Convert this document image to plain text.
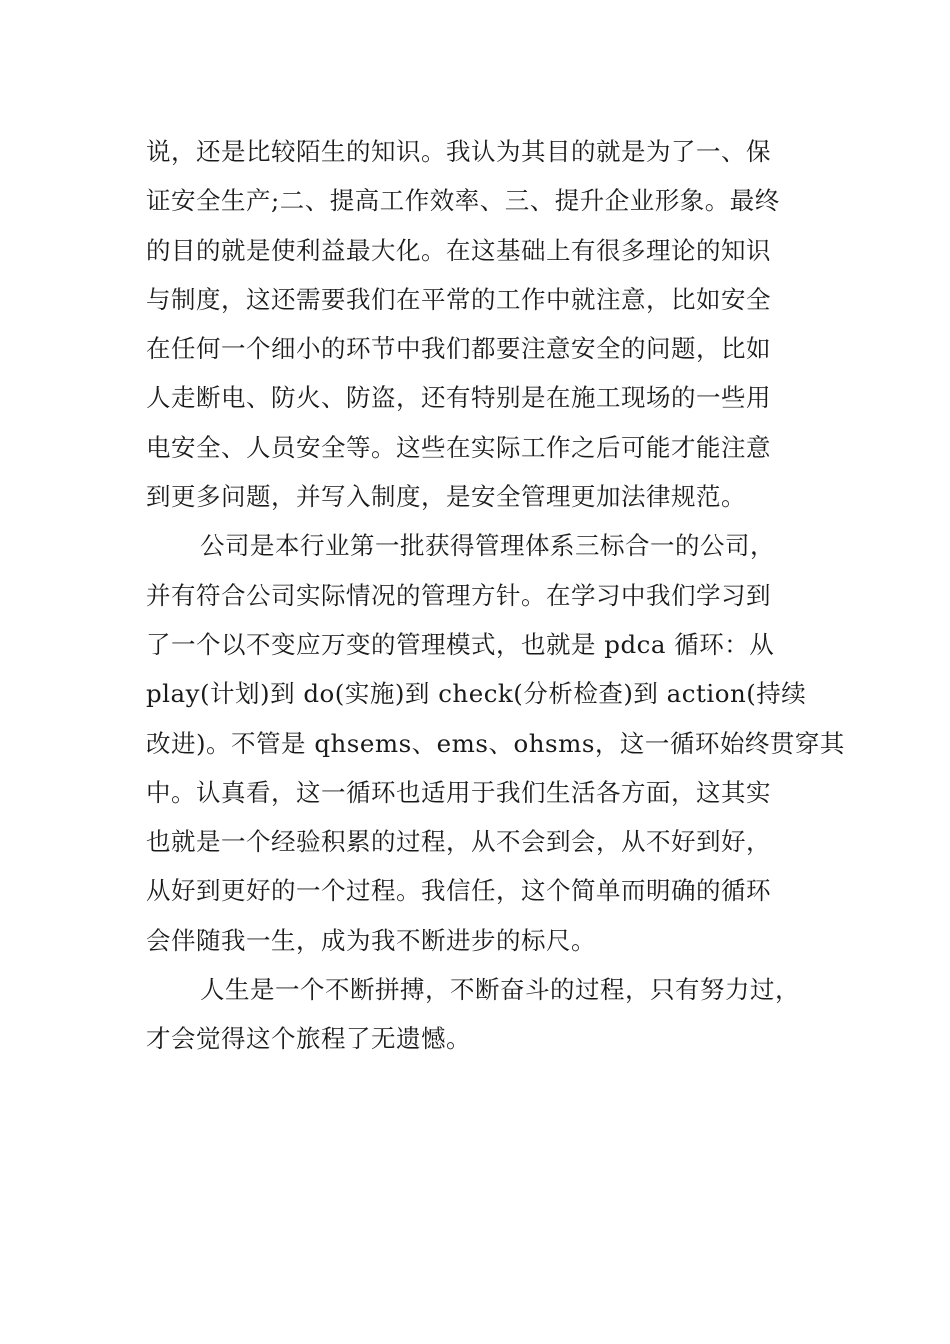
说，还是比较陌生的知识。我认为其目的就是为了一、保
证安全生产;二、提高工作效率、三、提升企业形象。最终
的目的就是使利益最大化。在这基础上有很多理论的知识
与制度，这还需要我们在平常的工作中就注意，比如安全
在任何一个细小的环节中我们都要注意安全的问题，比如
人走断电、防火、防盗，还有特别是在施工现场的一些用
电安全、人员安全等。这些在实际工作之后可能才能注意
到更多问题，并写入制度，是安全管理更加法律规范。
公司是本行业第一批获得管理体系三标合一的公司，
并有符合公司实际情况的管理方针。在学习中我们学习到
了一个以不变应万变的管理模式，也就是 pdca 循环：从
play(计划)到 do(实施)到 check(分析检查)到 action(持续
改进)。不管是 qhsems、ems、ohsms，这一循环始终贯穿其
中。认真看，这一循环也适用于我们生活各方面，这其实
也就是一个经验积累的过程，从不会到会，从不好到好，
从好到更好的一个过程。我信任，这个简单而明确的循环
会伴随我一生，成为我不断进步的标尺。
人生是一个不断拼搏，不断奋斗的过程，只有努力过，
才会觉得这个旅程了无遗憾。
